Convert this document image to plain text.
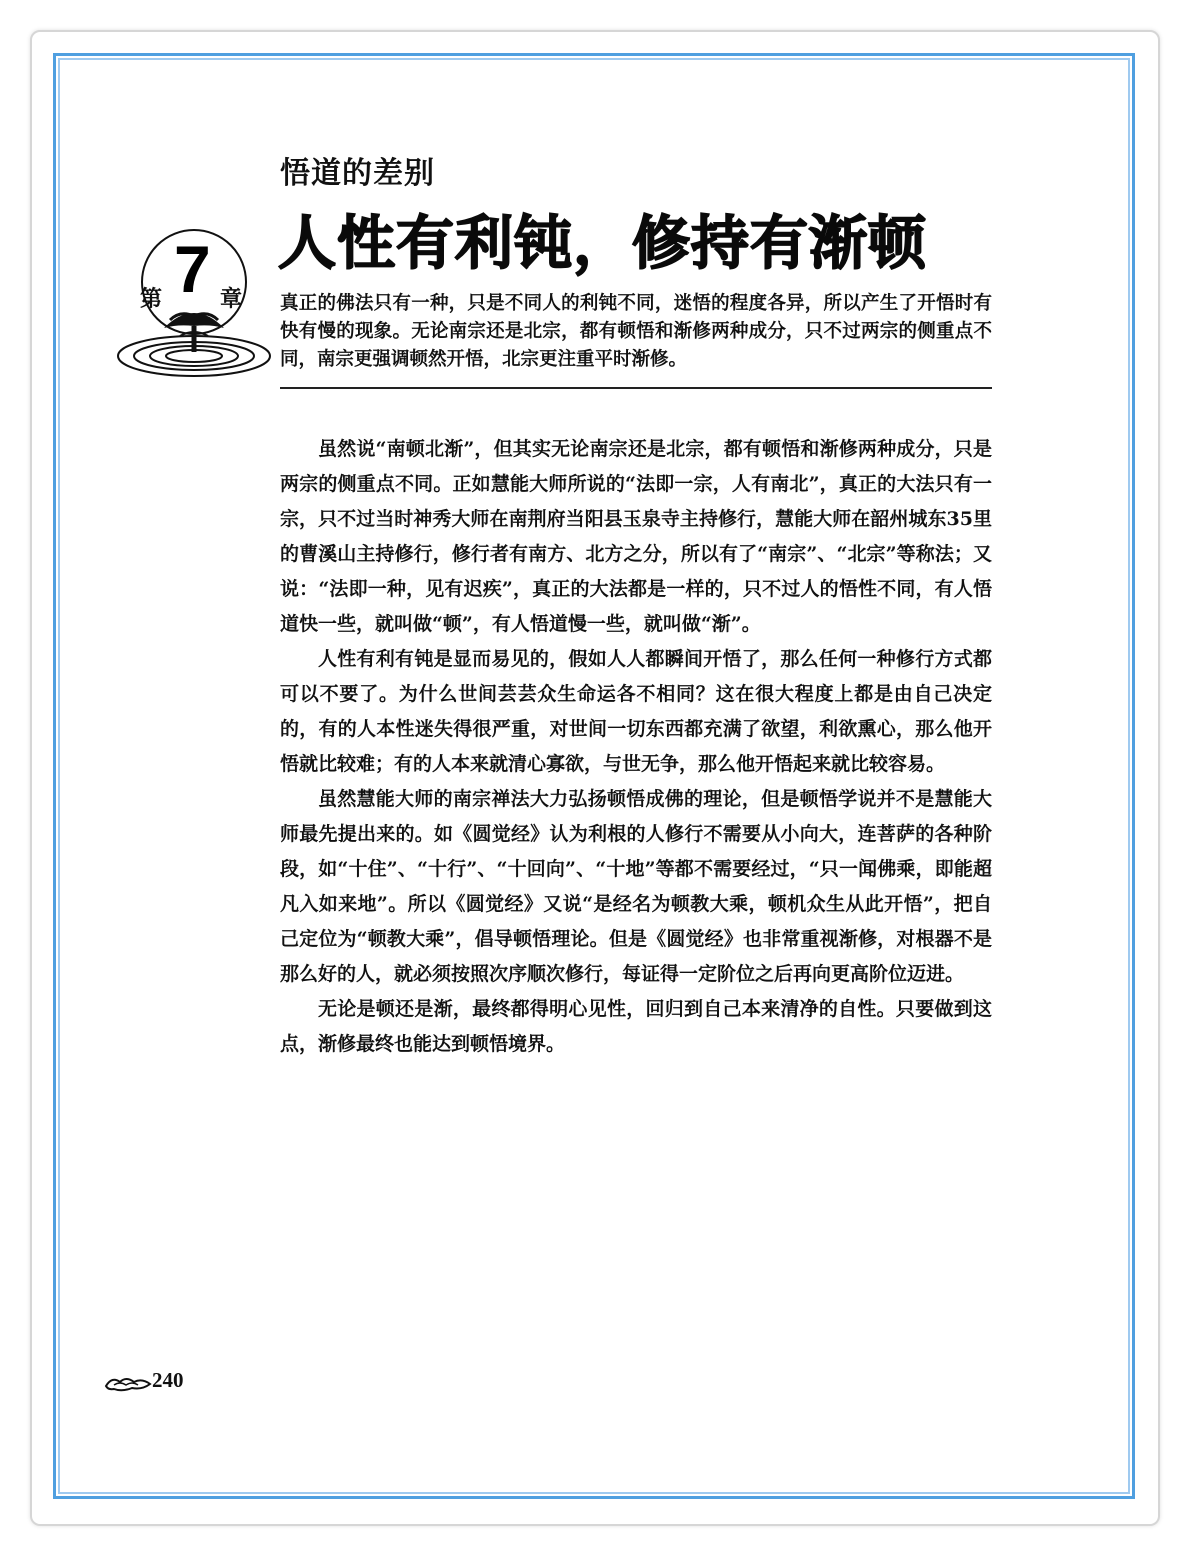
悟道的差别
人性有利钝，修持有渐顿
第 7 章 真正的佛法只有一种，只是不同人的利钝不同，迷悟的程度各异，所以产生了开悟时有快有慢的现象。无论南宗还是北宗，都有顿悟和渐修两种成分，只不过两宗的侧重点不同，南宗更强调顿然开悟，北宗更注重平时渐修。

虽然说“南顿北渐”，但其实无论南宗还是北宗，都有顿悟和渐修两种成分，只是两宗的侧重点不同。正如慧能大师所说的“法即一宗，人有南北”，真正的大法只有一宗，只不过当时神秀大师在南荆府当阳县玉泉寺主持修行，慧能大师在韶州城东35里的曹溪山主持修行，修行者有南方、北方之分，所以有了“南宗”、“北宗”等称法；又说：“法即一种，见有迟疾”，真正的大法都是一样的，只不过人的悟性不同，有人悟道快一些，就叫做“顿”，有人悟道慢一些，就叫做“渐”。

人性有利有钝是显而易见的，假如人人都瞬间开悟了，那么任何一种修行方式都可以不要了。为什么世间芸芸众生命运各不相同？这在很大程度上都是由自己决定的，有的人本性迷失得很严重，对世间一切东西都充满了欲望，利欲熏心，那么他开悟就比较难；有的人本来就清心寡欲，与世无争，那么他开悟起来就比较容易。

虽然慧能大师的南宗禅法大力弘扬顿悟成佛的理论，但是顿悟学说并不是慧能大师最先提出来的。如《圆觉经》认为利根的人修行不需要从小向大，连菩萨的各种阶段，如“十住”、“十行”、“十回向”、“十地”等都不需要经过，“只一闻佛乘，即能超凡入如来地”。所以《圆觉经》又说“是经名为顿教大乘，顿机众生从此开悟”，把自己定位为“顿教大乘”，倡导顿悟理论。但是《圆觉经》也非常重视渐修，对根器不是那么好的人，就必须按照次序顺次修行，每证得一定阶位之后再向更高阶位迈进。

无论是顿还是渐，最终都得明心见性，回归到自己本来清净的自性。只要做到这点，渐修最终也能达到顿悟境界。

240
